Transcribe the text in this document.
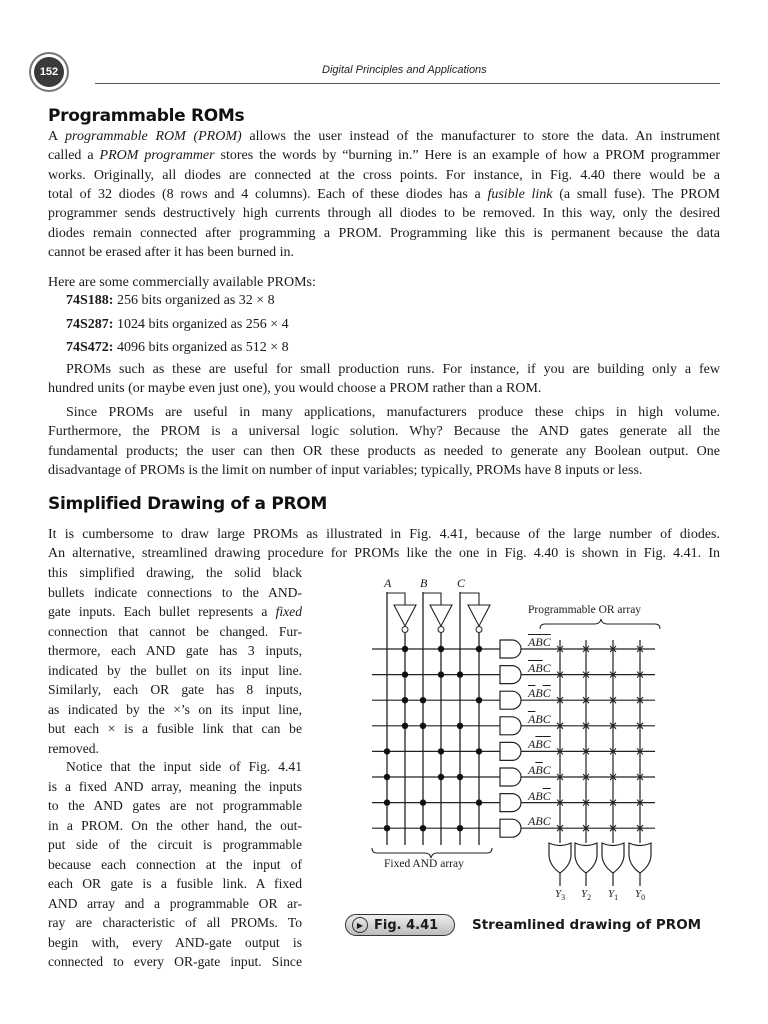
152	Digital Principles and Applications
Programmable ROMs
A programmable ROM (PROM) allows the user instead of the manufacturer to store the data. An instrument
called a PROM programmer stores the words by “burning in.” Here is an example of how a PROM programmer
works. Originally, all diodes are connected at the cross points. For instance, in Fig. 4.40 there would be a
total of 32 diodes (8 rows and 4 columns). Each of these diodes has a fusible link (a small fuse). The PROM
programmer sends destructively high currents through all diodes to be removed. In this way, only the desired
diodes remain connected after programming a PROM. Programming like this is permanent because the data
cannot be erased after it has been burned in.
Here are some commercially available PROMs:
74S188: 256 bits organized as 32 × 8
74S287: 1024 bits organized as 256 × 4
74S472: 4096 bits organized as 512 × 8
PROMs such as these are useful for small production runs. For instance, if you are building only a few
hundred units (or maybe even just one), you would choose a PROM rather than a ROM.
Since PROMs are useful in many applications, manufacturers produce these chips in high volume.
Furthermore, the PROM is a universal logic solution. Why? Because the AND gates generate all the
fundamental products; the user can then OR these products as needed to generate any Boolean output. One
disadvantage of PROMs is the limit on number of input variables; typically, PROMs have 8 inputs or less.
Simplified Drawing of a PROM
It is cumbersome to draw large PROMs as illustrated in Fig. 4.41, because of the large number of diodes.
An alternative, streamlined drawing procedure for PROMs like the one in Fig. 4.40 is shown in Fig. 4.41. In
this simplified drawing, the solid black
bullets indicate connections to the AND-
gate inputs. Each bullet represents a fixed
connection that cannot be changed. Fur-
thermore, each AND gate has 3 inputs,
indicated by the bullet on its input line.
Similarly, each OR gate has 8 inputs,
as indicated by the ×’s on its input line,
but each × is a fusible link that can be
removed.
Notice that the input side of Fig. 4.41
is a fixed AND array, meaning the inputs
to the AND gates are not programmable
in a PROM. On the other hand, the out-
put side of the circuit is programmable
because each connection at the input of
each OR gate is a fusible link. A fixed
AND array and a programmable OR ar-
ray are characteristic of all PROMs. To
begin with, every AND-gate output is
connected to every OR-gate input. Since
A B C
ABC
$AB\overline{C}$
$A\overline{B}C$
$A\overline{B}\overline{C}$
$\overline{A}BC$
$\overline{A}B\overline{C}$
$\overline{A}\overline{B}C$
$\overline{A}\overline{B}\overline{C}$
$Y_3$ $Y_2$ $Y_1$ $Y_0$
Programmable OR array
Fixed AND array
▶ Fig. 4.41	Streamlined drawing of PROM
